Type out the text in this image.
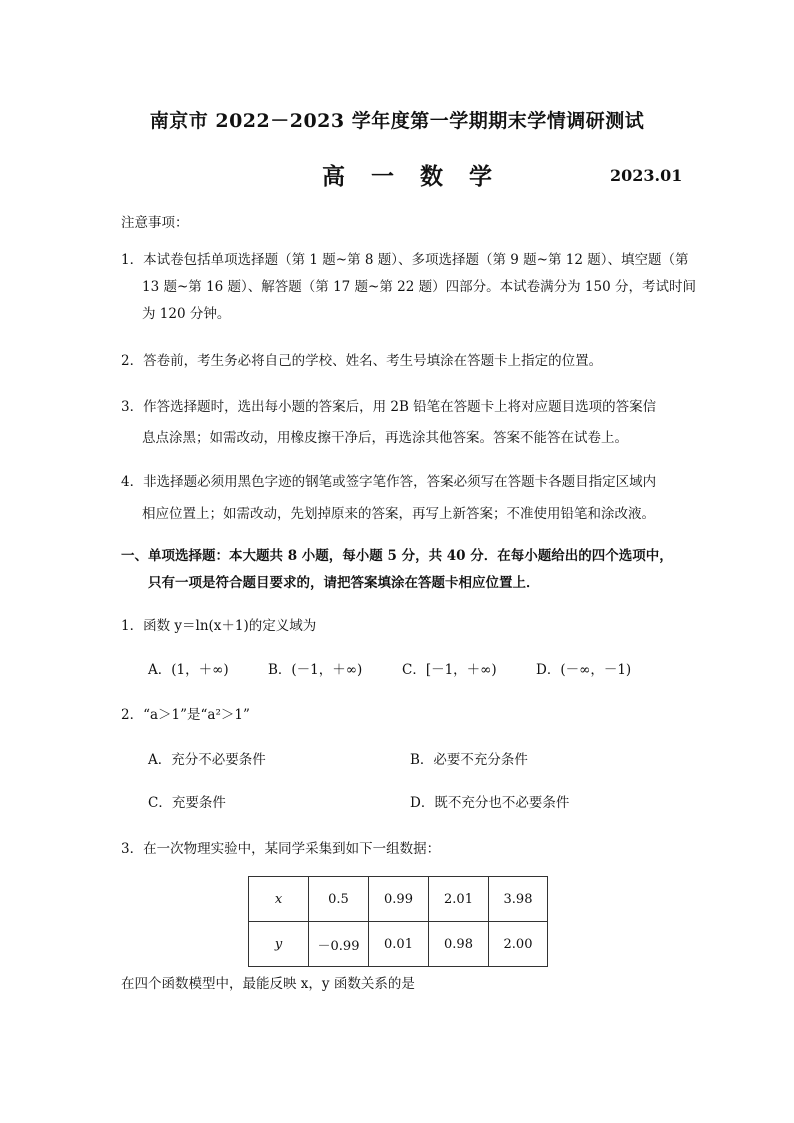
南京市 2022－2023 学年度第一学期期末学情调研测试
高 一 数 学	2023.01
注意事项：
1．本试卷包括单项选择题（第 1 题~第 8 题）、多项选择题（第 9 题~第 12 题）、填空题（第
13 题~第 16 题）、解答题（第 17 题~第 22 题）四部分。本试卷满分为 150 分，考试时间
为 120 分钟。
2．答卷前，考生务必将自己的学校、姓名、考生号填涂在答题卡上指定的位置。
3．作答选择题时，选出每小题的答案后，用 2B 铅笔在答题卡上将对应题目选项的答案信
息点涂黑；如需改动，用橡皮擦干净后，再选涂其他答案。答案不能答在试卷上。
4．非选择题必须用黑色字迹的钢笔或签字笔作答，答案必须写在答题卡各题目指定区域内
相应位置上；如需改动，先划掉原来的答案，再写上新答案；不准使用铅笔和涂改液。
一、单项选择题：本大题共 8 小题，每小题 5 分，共 40 分．在每小题给出的四个选项中，
只有一项是符合题目要求的，请把答案填涂在答题卡相应位置上．
1．函数 y＝ln(x＋1)的定义域为
A．(1，＋∞)	B．(－1，＋∞)	C．[－1，＋∞)	D．(－∞，－1)
2．“a＞1”是“a²＞1”
A．充分不必要条件	B．必要不充分条件
C．充要条件	D．既不充分也不必要条件
3．在一次物理实验中，某同学采集到如下一组数据：
x	0.5	0.99	2.01	3.98
y	－0.99	0.01	0.98	2.00
在四个函数模型中，最能反映 x，y 函数关系的是
